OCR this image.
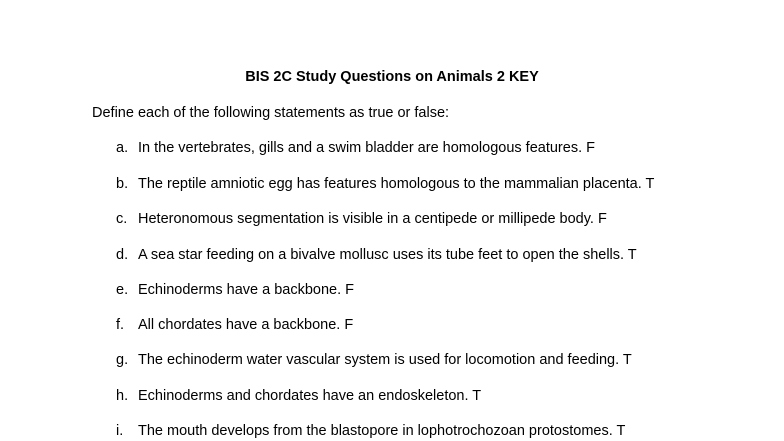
BIS 2C Study Questions on Animals 2 KEY
Define each of the following statements as true or false:
a. In the vertebrates, gills and a swim bladder are homologous features. F
b. The reptile amniotic egg has features homologous to the mammalian placenta. T
c. Heteronomous segmentation is visible in a centipede or millipede body. F
d. A sea star feeding on a bivalve mollusc uses its tube feet to open the shells. T
e. Echinoderms have a backbone. F
f. All chordates have a backbone. F
g. The echinoderm water vascular system is used for locomotion and feeding. T
h. Echinoderms and chordates have an endoskeleton. T
i. The mouth develops from the blastopore in lophotrochozoan protostomes. T
